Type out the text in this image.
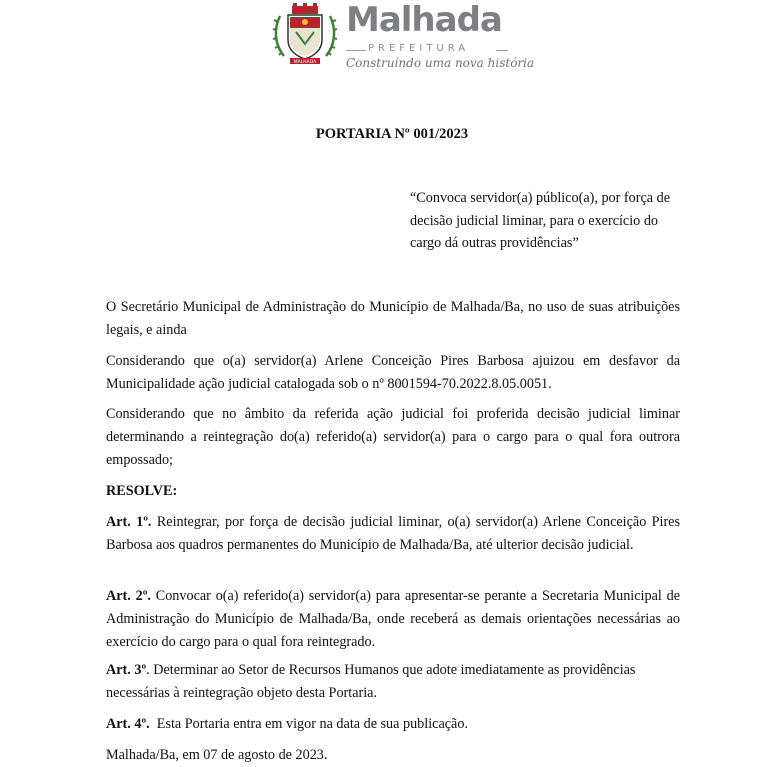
MALHADA
Malhada
PREFEITURA
Construindo uma nova história
PORTARIA Nº 001/2023
“Convoca servidor(a) público(a), por força de decisão judicial liminar, para o exercício do cargo dá outras providências”
O Secretário Municipal de Administração do Município de Malhada/Ba, no uso de suas atribuições legais, e ainda
Considerando que o(a) servidor(a) Arlene Conceição Pires Barbosa ajuizou em desfavor da Municipalidade ação judicial catalogada sob o nº 8001594-70.2022.8.05.0051.
Considerando que no âmbito da referida ação judicial foi proferida decisão judicial liminar determinando a reintegração do(a) referido(a) servidor(a) para o cargo para o qual fora outrora empossado;
RESOLVE:
Art. 1º. Reintegrar, por força de decisão judicial liminar, o(a) servidor(a) Arlene Conceição Pires Barbosa aos quadros permanentes do Município de Malhada/Ba, até ulterior decisão judicial.
Art. 2º. Convocar o(a) referido(a) servidor(a) para apresentar-se perante a Secretaria Municipal de Administração do Município de Malhada/Ba, onde receberá as demais orientações necessárias ao exercício do cargo para o qual fora reintegrado.
Art. 3º. Determinar ao Setor de Recursos Humanos que adote imediatamente as providências necessárias à reintegração objeto desta Portaria.
Art. 4º.  Esta Portaria entra em vigor na data de sua publicação.
Malhada/Ba, em 07 de agosto de 2023.
